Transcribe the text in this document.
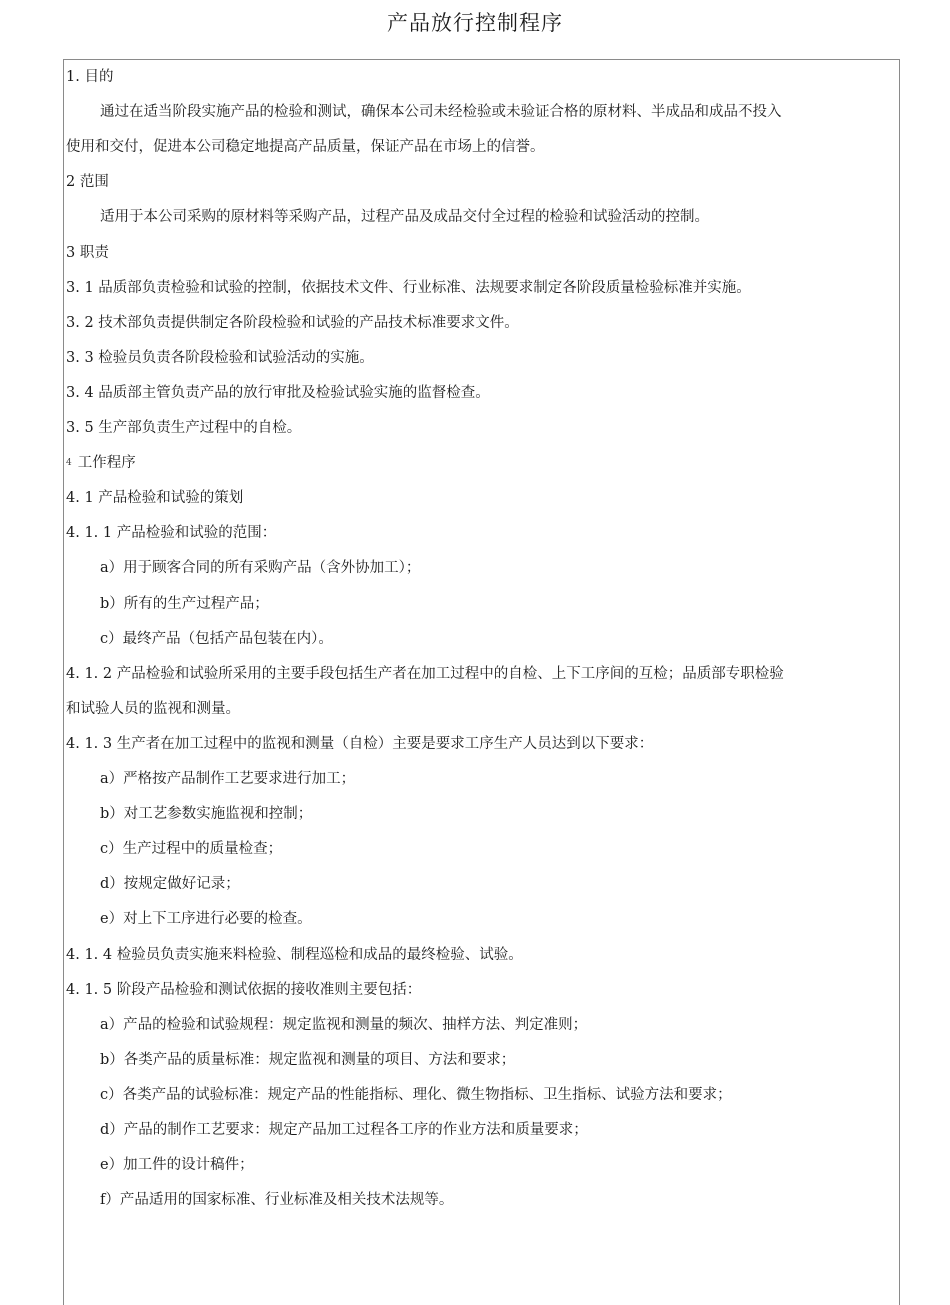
产品放行控制程序
1. 目的
通过在适当阶段实施产品的检验和测试，确保本公司未经检验或未验证合格的原材料、半成品和成品不投入
使用和交付，促进本公司稳定地提高产品质量，保证产品在市场上的信誉。
2 范围
适用于本公司采购的原材料等采购产品，过程产品及成品交付全过程的检验和试验活动的控制。
3 职责
3. 1 品质部负责检验和试验的控制，依据技术文件、行业标准、法规要求制定各阶段质量检验标准并实施。
3. 2 技术部负责提供制定各阶段检验和试验的产品技术标准要求文件。
3. 3 检验员负责各阶段检验和试验活动的实施。
3. 4 品质部主管负责产品的放行审批及检验试验实施的监督检查。
3. 5 生产部负责生产过程中的自检。
4 工作程序
4. 1 产品检验和试验的策划
4. 1. 1 产品检验和试验的范围：
a）用于顾客合同的所有采购产品（含外协加工）；
b）所有的生产过程产品；
c）最终产品（包括产品包装在内）。
4. 1. 2 产品检验和试验所采用的主要手段包括生产者在加工过程中的自检、上下工序间的互检；品质部专职检验
和试验人员的监视和测量。
4. 1. 3 生产者在加工过程中的监视和测量（自检）主要是要求工序生产人员达到以下要求：
a）严格按产品制作工艺要求进行加工；
b）对工艺参数实施监视和控制；
c）生产过程中的质量检查；
d）按规定做好记录；
e）对上下工序进行必要的检查。
4. 1. 4 检验员负责实施来料检验、制程巡检和成品的最终检验、试验。
4. 1. 5 阶段产品检验和测试依据的接收准则主要包括：
a）产品的检验和试验规程：规定监视和测量的频次、抽样方法、判定准则；
b）各类产品的质量标准：规定监视和测量的项目、方法和要求；
c）各类产品的试验标准：规定产品的性能指标、理化、微生物指标、卫生指标、试验方法和要求；
d）产品的制作工艺要求：规定产品加工过程各工序的作业方法和质量要求；
e）加工件的设计稿件；
f）产品适用的国家标准、行业标准及相关技术法规等。
